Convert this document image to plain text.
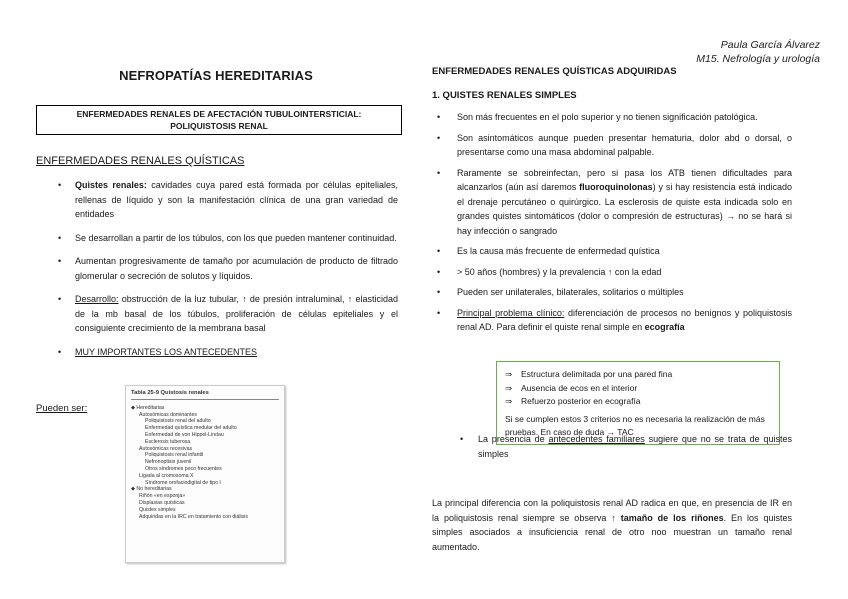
Paula García Álvarez
M15. Nefrología y urología
NEFROPATÍAS HEREDITARIAS
ENFERMEDADES RENALES DE AFECTACIÓN TUBULOINTERSTICIAL:
POLIQUISTOSIS RENAL
ENFERMEDADES RENALES QUÍSTICAS
• Quistes renales: cavidades cuya pared está formada por células epiteliales, rellenas de líquido y son la manifestación clínica de una gran variedad de entidades
• Se desarrollan a partir de los túbulos, con los que pueden mantener continuidad.
• Aumentan progresivamente de tamaño por acumulación de producto de filtrado glomerular o secreción de solutos y líquidos.
• Desarrollo: obstrucción de la luz tubular, ↑ de presión intraluminal, ↑ elasticidad de la mb basal de los túbulos, proliferación de células epiteliales y el consiguiente crecimiento de la membrana basal
• MUY IMPORTANTES LOS ANTECEDENTES
Pueden ser:
Tabla 25-9 Quistosis renales
◆ Hereditarias
Autosómicas dominantes
Poliquistosis renal del adulto
Enfermedad quística medular del adulto
Enfermedad de von Hippel-Lindau
Esclerosis tuberosa
Autosómicas recesivas
Poliquistosis renal infantil
Nefronoptisis juvenil
Otros síndromes poco frecuentes
Ligada al cromosoma X
Síndrome orofaciodigital de tipo I
◆ No hereditarias
Riñón «en esponja»
Displasias quísticas
Quistes simples
Adquiridas en la IRC en tratamiento con diálisis
ENFERMEDADES RENALES QUÍSTICAS ADQUIRIDAS
1. QUISTES RENALES SIMPLES
• Son más frecuentes en el polo superior y no tienen significación patológica.
• Son asintomáticos aunque pueden presentar hematuria, dolor abd o dorsal, o presentarse como una masa abdominal palpable.
• Raramente se sobreinfectan, pero si pasa los ATB tienen dificultades para alcanzarlos (aún así daremos fluoroquinolonas) y si hay resistencia está indicado el drenaje percutáneo o quirúrgico. La esclerosis de quiste esta indicada solo en grandes quistes sintomáticos (dolor o compresión de estructuras) → no se hará si hay infección o sangrado
• Es la causa más frecuente de enfermedad quística
• > 50 años (hombres) y la prevalencia ↑ con la edad
• Pueden ser unilaterales, bilaterales, solitarios o múltiples
• Principal problema clínico: diferenciación de procesos no benignos y poliquistosis renal AD. Para definir el quiste renal simple en ecografía
⇒ Estructura delimitada por una pared fina
⇒ Ausencia de ecos en el interior
⇒ Refuerzo posterior en ecografía
Si se cumplen estos 3 criterios no es necesaria la realización de más pruebas. En caso de duda → TAC
• La presencia de antecedentes familiares sugiere que no se trata de quistes simples
La principal diferencia con la poliquistosis renal AD radica en que, en presencia de IR en la poliquistosis renal siempre se observa ↑ tamaño de los riñones. En los quistes simples asociados a insuficiencia renal de otro noo muestran un tamaño renal aumentado.
